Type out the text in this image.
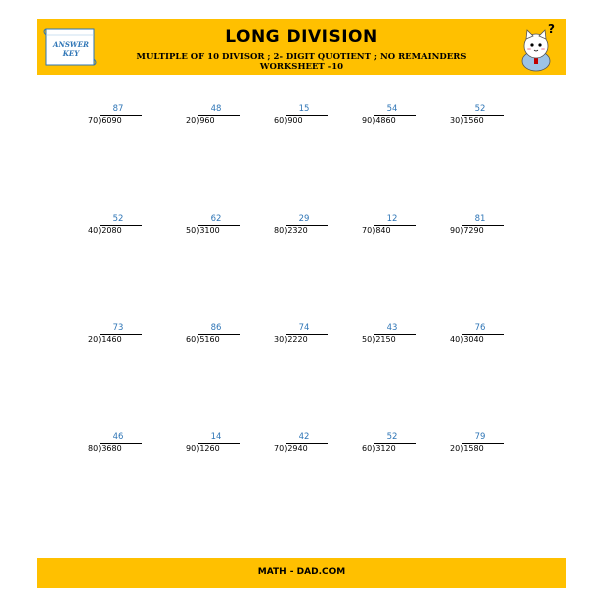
ANSWER
KEY
LONG DIVISION
MULTIPLE OF 10 DIVISOR ; 2- DIGIT QUOTIENT ; NO REMAINDERS
WORKSHEET -10
?
87
70)6090
48
20)960
15
60)900
54
90)4860
52
30)1560
52
40)2080
62
50)3100
29
80)2320
12
70)840
81
90)7290
73
20)1460
86
60)5160
74
30)2220
43
50)2150
76
40)3040
46
80)3680
14
90)1260
42
70)2940
52
60)3120
79
20)1580
MATH - DAD.COM
